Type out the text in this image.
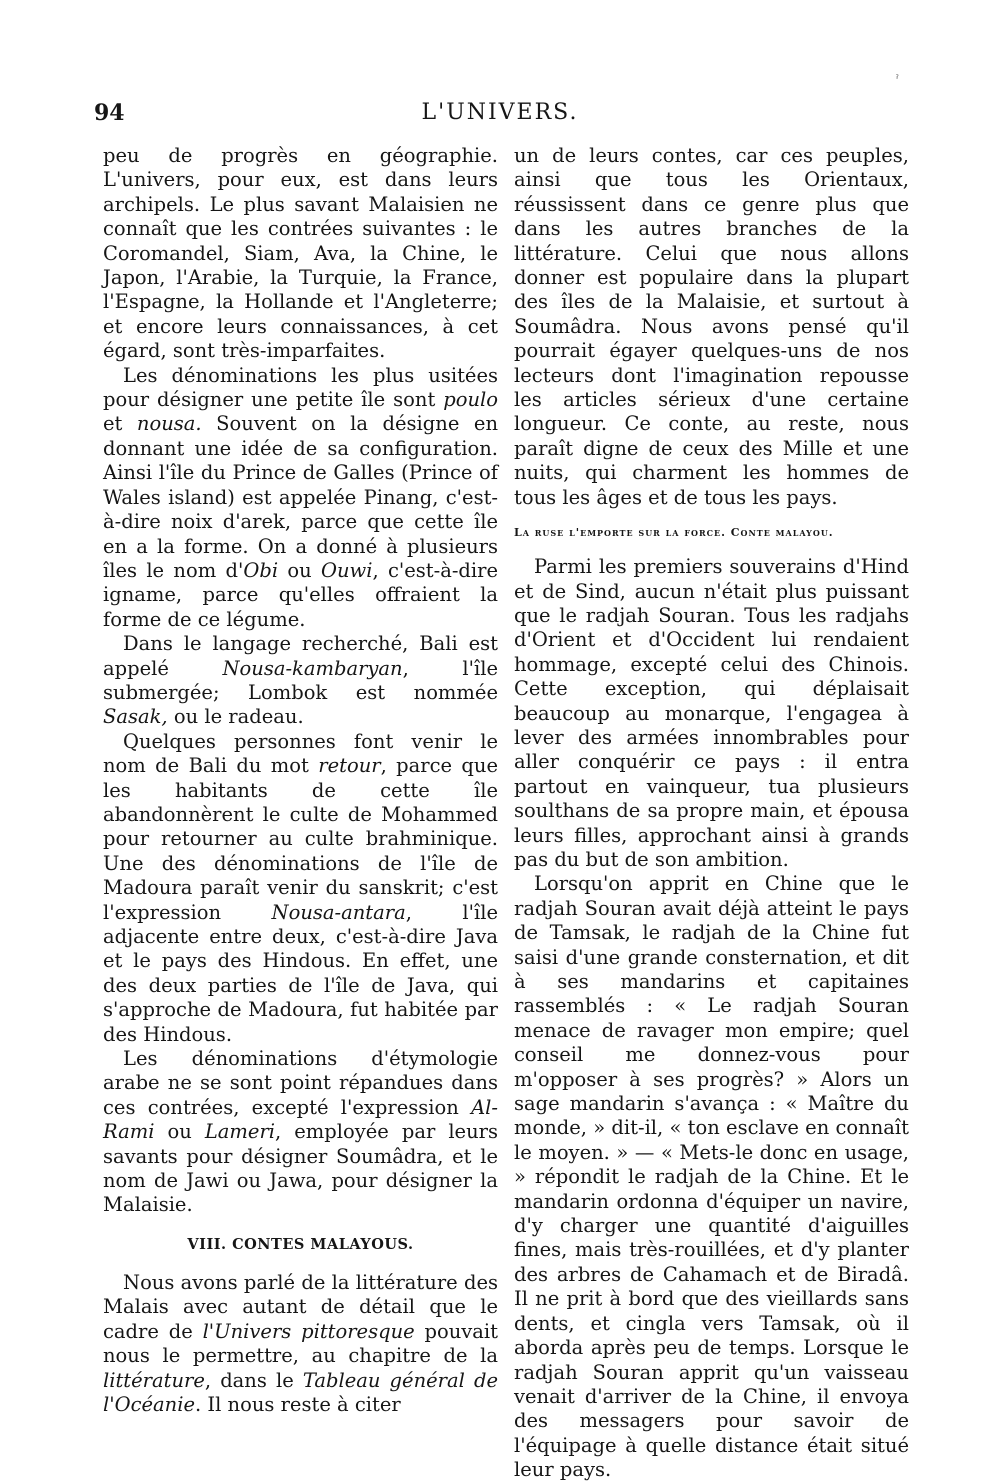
ˀ
94	L'UNIVERS.

peu de progrès en géographie. L'univers, pour eux, est dans leurs archipels. Le plus savant Malaisien ne connaît que les contrées suivantes : le Coromandel, Siam, Ava, la Chine, le Japon, l'Arabie, la Turquie, la France, l'Espagne, la Hollande et l'Angleterre; et encore leurs connaissances, à cet égard, sont très-imparfaites.

Les dénominations les plus usitées pour désigner une petite île sont poulo et nousa. Souvent on la désigne en donnant une idée de sa configuration. Ainsi l'île du Prince de Galles (Prince of Wales island) est appelée Pinang, c'est-à-dire noix d'arek, parce que cette île en a la forme. On a donné à plusieurs îles le nom d'Obi ou Ouwi, c'est-à-dire igname, parce qu'elles offraient la forme de ce légume.

Dans le langage recherché, Bali est appelé Nousa-kambaryan, l'île submergée; Lombok est nommée Sasak, ou le radeau.

Quelques personnes font venir le nom de Bali du mot retour, parce que les habitants de cette île abandonnèrent le culte de Mohammed pour retourner au culte brahminique. Une des dénominations de l'île de Madoura paraît venir du sanskrit; c'est l'expression Nousa-antara, l'île adjacente entre deux, c'est-à-dire Java et le pays des Hindous. En effet, une des deux parties de l'île de Java, qui s'approche de Madoura, fut habitée par des Hindous.

Les dénominations d'étymologie arabe ne se sont point répandues dans ces contrées, excepté l'expression Al-Rami ou Lameri, employée par leurs savants pour désigner Soumâdra, et le nom de Jawi ou Jawa, pour désigner la Malaisie.

VIII. CONTES MALAYOUS.

Nous avons parlé de la littérature des Malais avec autant de détail que le cadre de l'Univers pittoresque pouvait nous le permettre, au chapitre de la littérature, dans le Tableau général de l'Océanie. Il nous reste à citer

un de leurs contes, car ces peuples, ainsi que tous les Orientaux, réussissent dans ce genre plus que dans les autres branches de la littérature. Celui que nous allons donner est populaire dans la plupart des îles de la Malaisie, et surtout à Soumâdra. Nous avons pensé qu'il pourrait égayer quelques-uns de nos lecteurs dont l'imagination repousse les articles sérieux d'une certaine longueur. Ce conte, au reste, nous paraît digne de ceux des Mille et une nuits, qui charment les hommes de tous les âges et de tous les pays.

La ruse l'emporte sur la force. Conte malayou.

Parmi les premiers souverains d'Hind et de Sind, aucun n'était plus puissant que le radjah Souran. Tous les radjahs d'Orient et d'Occident lui rendaient hommage, excepté celui des Chinois. Cette exception, qui déplaisait beaucoup au monarque, l'engagea à lever des armées innombrables pour aller conquérir ce pays : il entra partout en vainqueur, tua plusieurs soulthans de sa propre main, et épousa leurs filles, approchant ainsi à grands pas du but de son ambition.

Lorsqu'on apprit en Chine que le radjah Souran avait déjà atteint le pays de Tamsak, le radjah de la Chine fut saisi d'une grande consternation, et dit à ses mandarins et capitaines rassemblés : « Le radjah Souran menace de ravager mon empire; quel conseil me donnez-vous pour m'opposer à ses progrès? » Alors un sage mandarin s'avança : « Maître du monde, » dit-il, « ton esclave en connaît le moyen. » — « Mets-le donc en usage, » répondit le radjah de la Chine. Et le mandarin ordonna d'équiper un navire, d'y charger une quantité d'aiguilles fines, mais très-rouillées, et d'y planter des arbres de Cahamach et de Biradâ. Il ne prit à bord que des vieillards sans dents, et cingla vers Tamsak, où il aborda après peu de temps. Lorsque le radjah Souran apprit qu'un vaisseau venait d'arriver de la Chine, il envoya des messagers pour savoir de l'équipage à quelle distance était situé leur pays.
